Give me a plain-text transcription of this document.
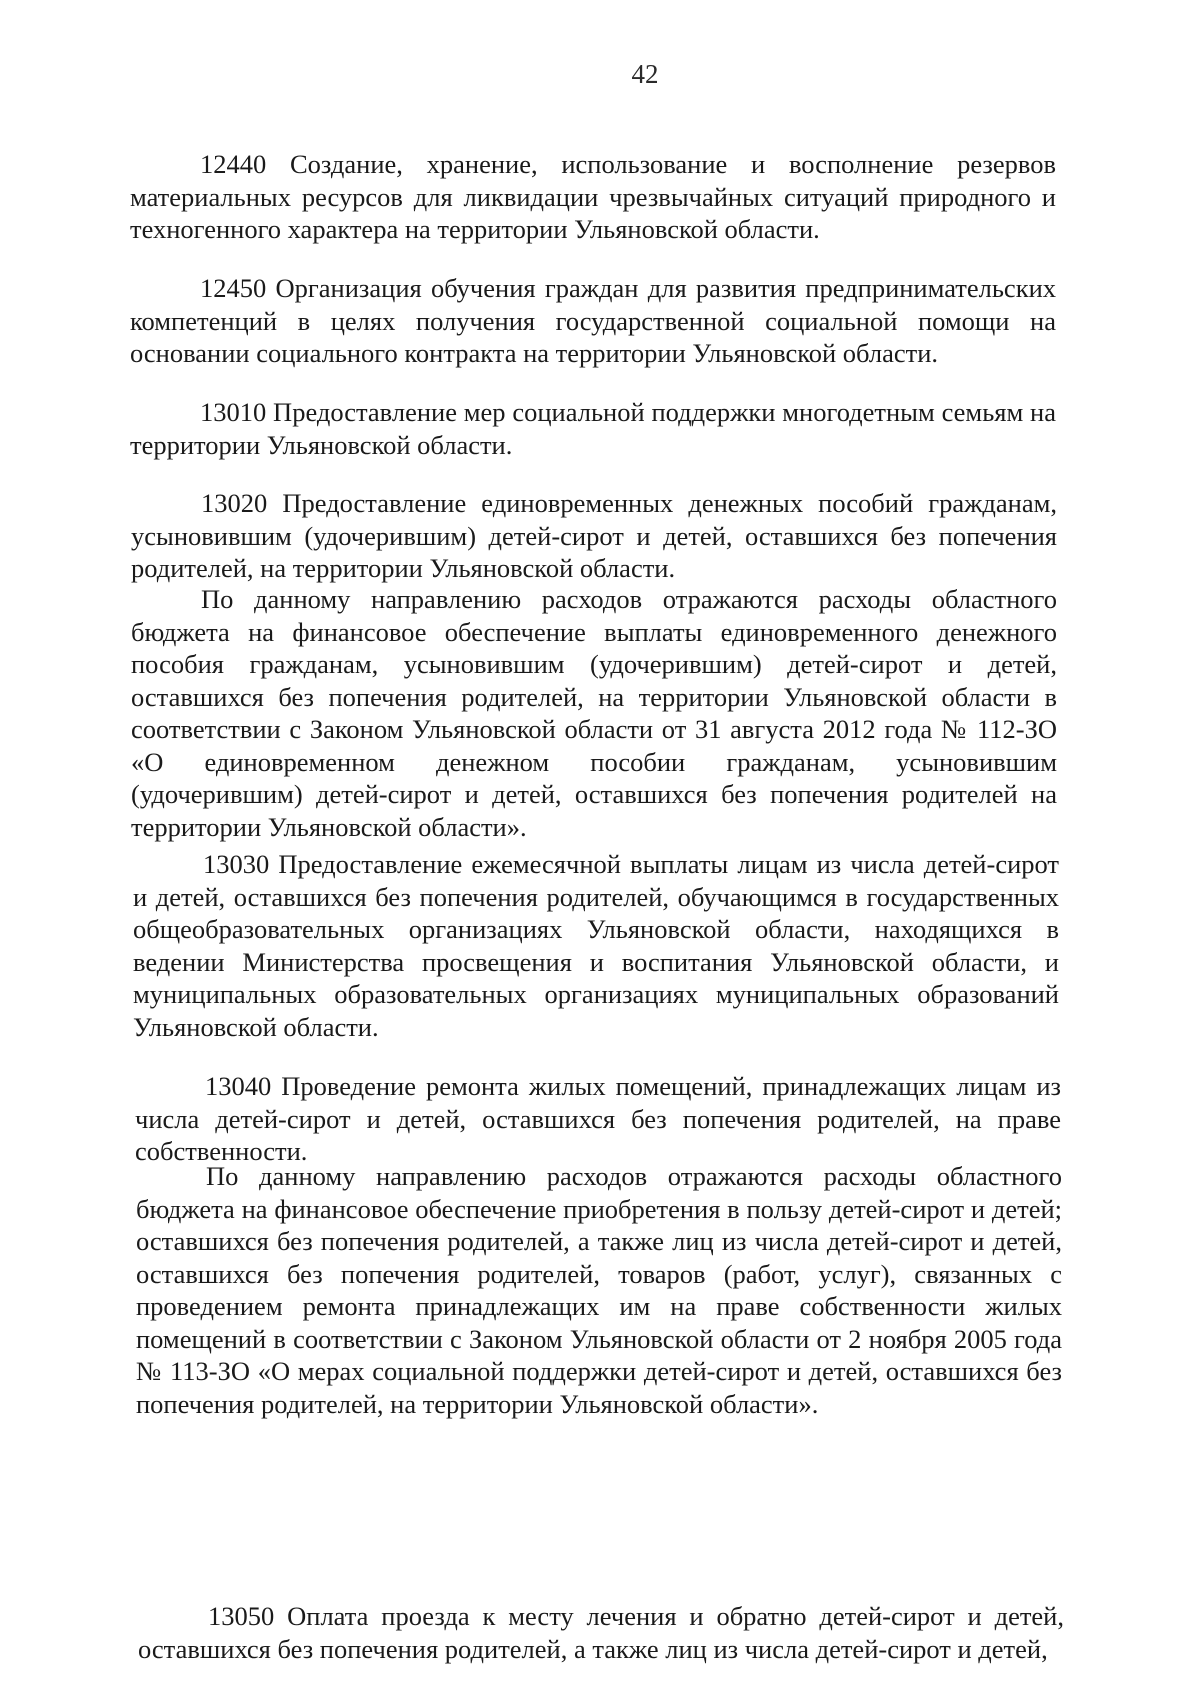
42

12440 Создание, хранение, использование и восполнение резервов материальных ресурсов для ликвидации чрезвычайных ситуаций природного и техногенного характера на территории Ульяновской области.

12450 Организация обучения граждан для развития предпринимательских компетенций в целях получения государственной социальной помощи на основании социального контракта на территории Ульяновской области.

13010 Предоставление мер социальной поддержки многодетным семьям на территории Ульяновской области.

13020 Предоставление единовременных денежных пособий гражданам, усыновившим (удочерившим) детей-сирот и детей, оставшихся без попечения родителей, на территории Ульяновской области.

По данному направлению расходов отражаются расходы областного бюджета на финансовое обеспечение выплаты единовременного денежного пособия гражданам, усыновившим (удочерившим) детей-сирот и детей, оставшихся без попечения родителей, на территории Ульяновской области в соответствии с Законом Ульяновской области от 31 августа 2012 года № 112-ЗО «О единовременном денежном пособии гражданам, усыновившим (удочерившим) детей-сирот и детей, оставшихся без попечения родителей на территории Ульяновской области».

13030 Предоставление ежемесячной выплаты лицам из числа детей-сирот и детей, оставшихся без попечения родителей, обучающимся в государственных общеобразовательных организациях Ульяновской области, находящихся в ведении Министерства просвещения и воспитания Ульяновской области, и муниципальных образовательных организациях муниципальных образований Ульяновской области.

13040 Проведение ремонта жилых помещений, принадлежащих лицам из числа детей-сирот и детей, оставшихся без попечения родителей, на праве собственности.

По данному направлению расходов отражаются расходы областного бюджета на финансовое обеспечение приобретения в пользу детей-сирот и детей; оставшихся без попечения родителей, а также лиц из числа детей-сирот и детей, оставшихся без попечения родителей, товаров (работ, услуг), связанных с проведением ремонта принадлежащих им на праве собственности жилых помещений в соответствии с Законом Ульяновской области от 2 ноября 2005 года № 113-ЗО «О мерах социальной поддержки детей-сирот и детей, оставшихся без попечения родителей, на территории Ульяновской области».

13050 Оплата проезда к месту лечения и обратно детей-сирот и детей, оставшихся без попечения родителей, а также лиц из числа детей-сирот и детей,
